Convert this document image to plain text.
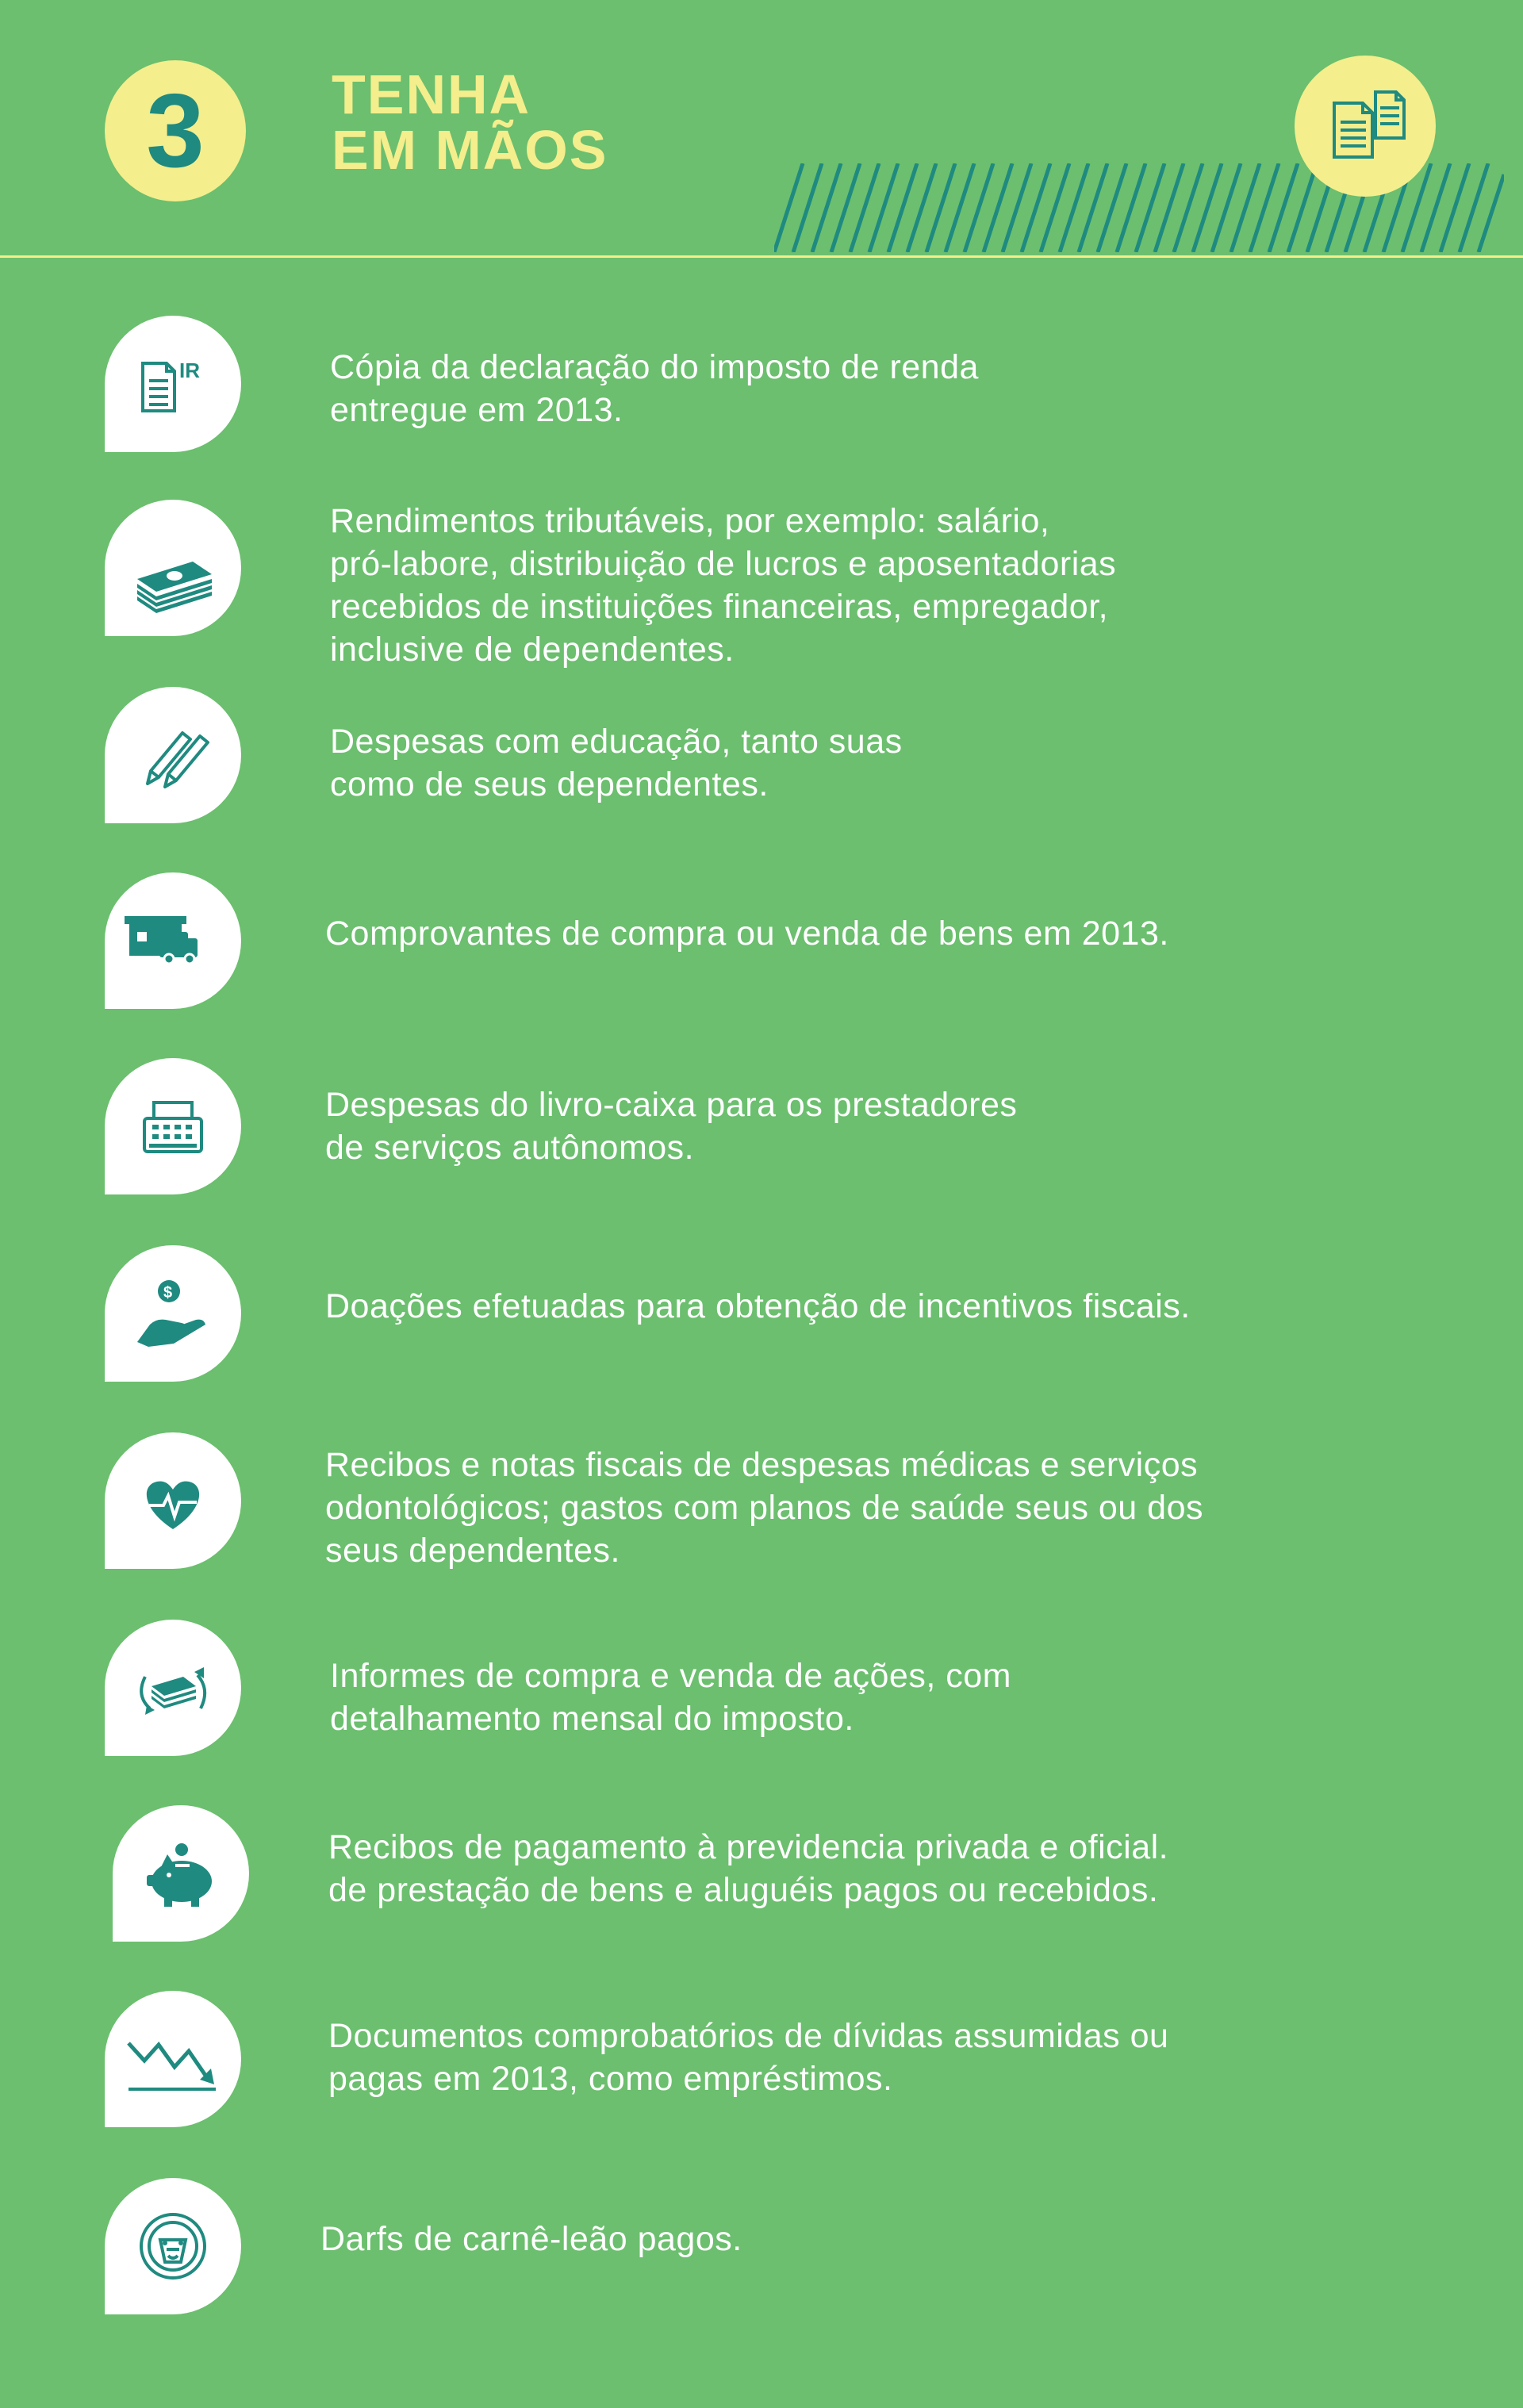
3 TENHA
EM MÃOS
IR	Cópia da declaração do imposto de renda
entregue em 2013.

Rendimentos tributáveis, por exemplo: salário,
pró-labore, distribuição de lucros e aposentadorias
recebidos de instituições financeiras, empregador,
inclusive de dependentes.

Despesas com educação, tanto suas
como de seus dependentes.

Comprovantes de compra ou venda de bens em 2013.

Despesas do livro-caixa para os prestadores
de serviços autônomos.

$	Doações efetuadas para obtenção de incentivos fiscais.

Recibos e notas fiscais de despesas médicas e serviços
odontológicos; gastos com planos de saúde seus ou dos
seus dependentes.

Informes de compra e venda de ações, com
detalhamento mensal do imposto.

Recibos de pagamento à previdencia privada e oficial.
de prestação de bens e aluguéis pagos ou recebidos.

Documentos comprobatórios de dívidas assumidas ou
pagas em 2013, como empréstimos.

Darfs de carnê-leão pagos.
